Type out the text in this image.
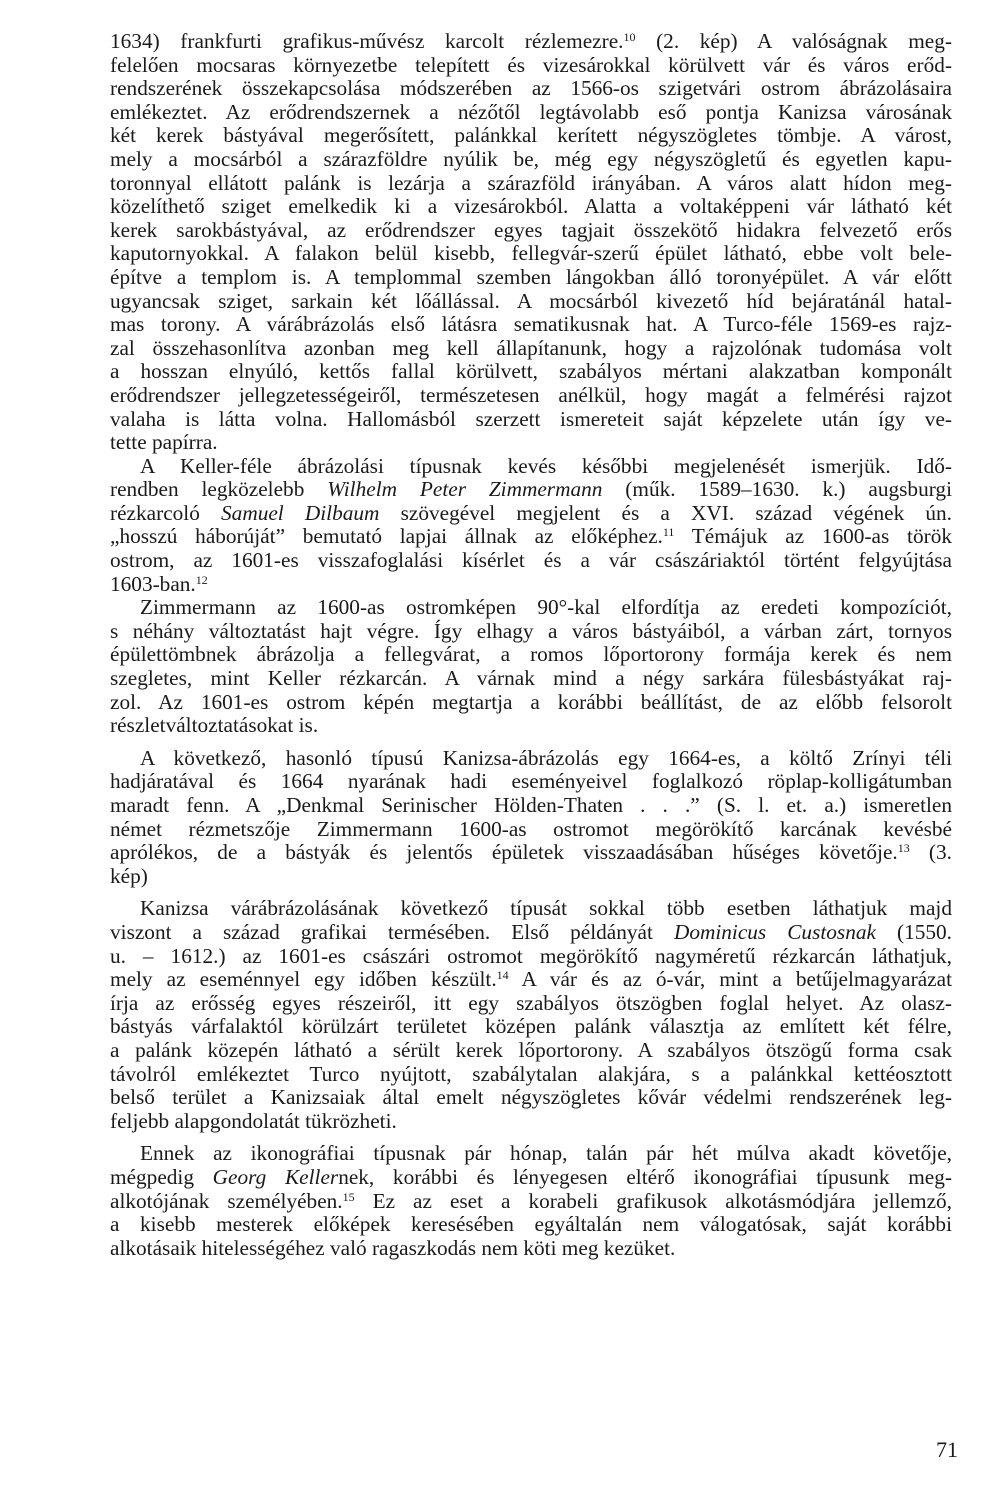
1634) frankfurti grafikus-művész karcolt rézlemezre.$^{10}$ (2. kép) A valóságnak meg-
felelően mocsaras környezetbe telepített és vizesárokkal körülvett vár és város erőd-
rendszerének összekapcsolása módszerében az 1566-os szigetvári ostrom ábrázolásaira
emlékeztet. Az erődrendszernek a nézőtől legtávolabb eső pontja Kanizsa városának
két kerek bástyával megerősített, palánkkal kerített négyszögletes tömbje. A várost,
mely a mocsárból a szárazföldre nyúlik be, még egy négyszögletű és egyetlen kapu-
toronnyal ellátott palánk is lezárja a szárazföld irányában. A város alatt hídon meg-
közelíthető sziget emelkedik ki a vizesárokból. Alatta a voltaképpeni vár látható két
kerek sarokbástyával, az erődrendszer egyes tagjait összekötő hidakra felvezető erős
kaputornyokkal. A falakon belül kisebb, fellegvár-szerű épület látható, ebbe volt bele-
építve a templom is. A templommal szemben lángokban álló toronyépület. A vár előtt
ugyancsak sziget, sarkain két lőállással. A mocsárból kivezető híd bejáratánál hatal-
mas torony. A várábrázolás első látásra sematikusnak hat. A Turco-féle 1569-es rajz-
zal összehasonlítva azonban meg kell állapítanunk, hogy a rajzolónak tudomása volt
a hosszan elnyúló, kettős fallal körülvett, szabályos mértani alakzatban komponált
erődrendszer jellegzetességeiről, természetesen anélkül, hogy magát a felmérési rajzot
valaha is látta volna. Hallomásból szerzett ismereteit saját képzelete után így ve-
tette papírra.
A Keller-féle ábrázolási típusnak kevés későbbi megjelenését ismerjük. Idő-
rendben legközelebb Wilhelm Peter Zimmermann (műk. 1589–1630. k.) augsburgi
rézkarcoló Samuel Dilbaum szövegével megjelent és a XVI. század végének ún.
„hosszú háborúját” bemutató lapjai állnak az előképhez.$^{11}$ Témájuk az 1600-as török
ostrom, az 1601-es visszafoglalási kísérlet és a vár császáriaktól történt felgyújtása
1603-ban.$^{12}$
Zimmermann az 1600-as ostromképen 90°-kal elfordítja az eredeti kompozíciót,
s néhány változtatást hajt végre. Így elhagy a város bástyáiból, a várban zárt, tornyos
épülettömbnek ábrázolja a fellegvárat, a romos lőportorony formája kerek és nem
szegletes, mint Keller rézkarcán. A várnak mind a négy sarkára fülesbástyákat raj-
zol. Az 1601-es ostrom képén megtartja a korábbi beállítást, de az előbb felsorolt
részletváltoztatásokat is.
A következő, hasonló típusú Kanizsa-ábrázolás egy 1664-es, a költő Zrínyi téli
hadjáratával és 1664 nyarának hadi eseményeivel foglalkozó röplap-kolligátumban
maradt fenn. A „Denkmal Serinischer Hölden-Thaten . . .” (S. l. et. a.) ismeretlen
német rézmetszője Zimmermann 1600-as ostromot megörökítő karcának kevésbé
aprólékos, de a bástyák és jelentős épületek visszaadásában hűséges követője.$^{13}$ (3.
kép)
Kanizsa várábrázolásának következő típusát sokkal több esetben láthatjuk majd
viszont a század grafikai termésében. Első példányát Dominicus Custosnak (1550.
u. – 1612.) az 1601-es császári ostromot megörökítő nagyméretű rézkarcán láthatjuk,
mely az eseménnyel egy időben készült.$^{14}$ A vár és az ó-vár, mint a betűjelmagyarázat
írja az erősség egyes részeiről, itt egy szabályos ötszögben foglal helyet. Az olasz-
bástyás várfalaktól körülzárt területet középen palánk választja az említett két félre,
a palánk közepén látható a sérült kerek lőportorony. A szabályos ötszögű forma csak
távolról emlékeztet Turco nyújtott, szabálytalan alakjára, s a palánkkal kettéosztott
belső terület a Kanizsaiak által emelt négyszögletes kővár védelmi rendszerének leg-
feljebb alapgondolatát tükrözheti.
Ennek az ikonográfiai típusnak pár hónap, talán pár hét múlva akadt követője,
mégpedig Georg Kellernek, korábbi és lényegesen eltérő ikonográfiai típusunk meg-
alkotójának személyében.$^{15}$ Ez az eset a korabeli grafikusok alkotásmódjára jellemző,
a kisebb mesterek előképek keresésében egyáltalán nem válogatósak, saját korábbi
alkotásaik hitelességéhez való ragaszkodás nem köti meg kezüket.
71
